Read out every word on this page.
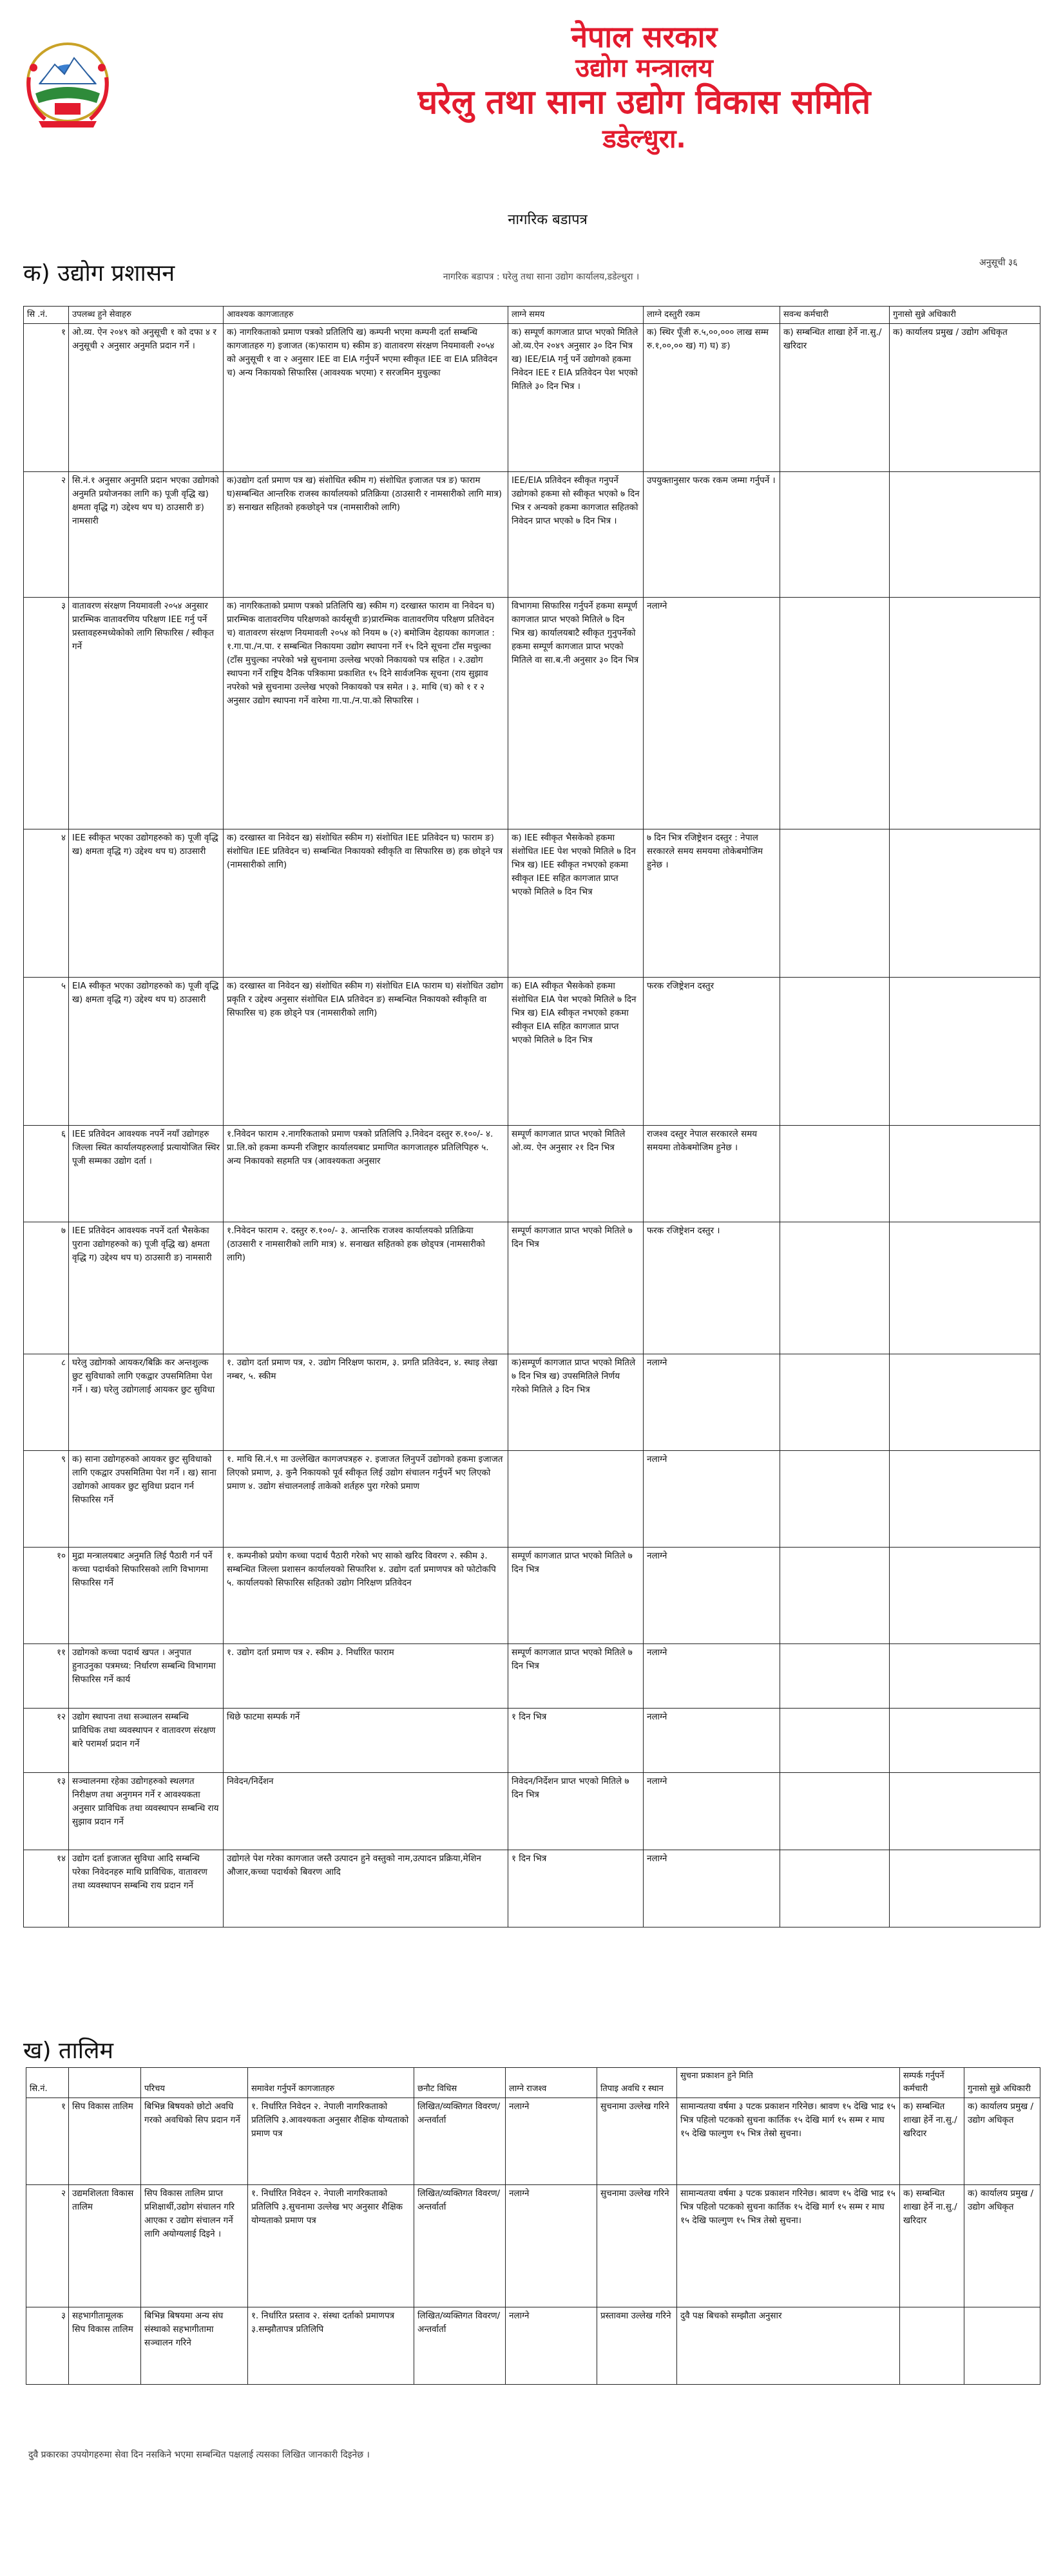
नेपाल सरकार
उद्योग मन्त्रालय
घरेलु तथा साना उद्योग विकास समिति
डडेल्धुरा.
नागरिक बडापत्र
अनुसूची ३६
क) उद्योग प्रशासन	नागरिक बडापत्र : घरेलु तथा साना उद्योग कार्यालय,डडेल्धुरा ।
सि .नं.	उपलब्ध हुने सेवाहरु	आवश्यक कागजातहरु	लाग्ने समय	लाग्ने दस्तुरी रकम	सवन्ध कर्मचारी	गुनासो सुन्ने अधिकारी
१	ओ.व्य. ऐन २०४९ को अनुसूची १ को दफा ४ र अनुसूची २ अनुसार अनुमति प्रदान गर्ने ।	क) नागरिकताको प्रमाण पत्रको प्रतिलिपि ख) कम्पनी भएमा कम्पनी दर्ता सम्बन्धि कागजातहरु ग) इजाजत (क)फाराम घ) स्कीम ङ) वातावरण संरक्षण नियमावली २०५४ को अनुसूची १ वा २ अनुसार IEE वा EIA गर्नुपर्ने भएमा स्वीकृत IEE वा EIA प्रतिवेदन च) अन्य निकायको सिफारिस (आवश्यक भएमा) र सरजमिन मुचुल्का	क) सम्पूर्ण कागजात प्राप्त भएको मितिले ओ.व्य.ऐन २०४९ अनुसार ३० दिन भित्र ख) IEE/EIA गर्नु पर्ने उद्योगको हकमा निवेदन IEE र EIA प्रतिवेदन पेश भएको मितिले ३० दिन भित्र ।	क) स्थिर पूँजी रु.५,००,००० लाख सम्म रु.१,००,०० ख) ग) घ) ङ)	क) सम्बन्धित शाखा हेर्ने ना.सु./खरिदार	क) कार्यालय प्रमुख / उद्योग अधिकृत
२	सि.नं.१ अनुसार अनुमति प्रदान भएका उद्योगको अनुमति प्रयोजनका लागि क) पूजी वृद्धि ख) क्षमता वृद्धि ग) उद्देश्य थप घ) ठाउसारी ङ) नामसारी	क)उद्योग दर्ता प्रमाण पत्र ख) संशोधित स्कीम ग) संशोधित इजाजत पत्र ङ) फाराम घ)सम्बन्धित आन्तरिक राजस्व कार्यालयको प्रतिक्रिया (ठाउसारी र नामसारीको लागि मात्र) ङ) सनाखत सहितको हकछोड्ने पत्र (नामसारीको लागि)	IEE/EIA प्रतिवेदन स्वीकृत गनुपर्ने उद्योगको हकमा सो स्वीकृत भएको ७ दिन भित्र र अन्यको हकमा कागजात सहितको निवेदन प्राप्त भएको ७ दिन भित्र ।	उपयुक्तानुसार फरक रकम जम्मा गर्नुपर्ने ।		
३	वातावरण संरक्षण नियमावली २०५४ अनुसार प्रारम्भिक वातावरणिय परिक्षण IEE गर्नु पर्ने प्रस्तावहरुमध्येकोको लागि सिफारिस / स्वीकृत गर्ने	क) नागरिकताको प्रमाण पत्रको प्रतिलिपि ख) स्कीम ग) दरखास्त फाराम वा निवेदन घ) प्रारम्भिक वातावरणिय परिक्षणको कार्यसूची ङ)प्रारम्भिक वातावरणिय परिक्षण प्रतिवेदन च) वातावरण संरक्षण नियमावली २०५४ को नियम ७ (२) बमोजिम देहायका कागजात : १.गा.पा./न.पा. र सम्बन्धित निकायमा उद्योग स्थापना गर्ने १५ दिने सूचना टाँस मचुल्का (टाँस मुचुल्का नपरेको भन्ने सुचनामा उल्लेख भएको निकायको पत्र सहित । २.उद्योग स्थापना गर्ने राष्ट्रिय दैनिक पत्रिकामा प्रकाशित १५ दिने सार्वजनिक सूचना (राय सुझाव नपरेको भन्ने सुचनामा उल्लेख भएको निकायको पत्र समेत । ३. माथि (च) को १ र २ अनुसार उद्योग स्थापना गर्ने वारेमा गा.पा./न.पा.को सिफारिस ।	विभागमा सिफारिस गर्नुपर्ने हकमा सम्पूर्ण कागजात प्राप्त भएको मितिले ७ दिन भित्र ख) कार्यालयबाटै स्वीकृत गुनुपर्नेको हकमा सम्पूर्ण कागजात प्राप्त भएको मितिले वा सा.ब.नी अनुसार ३० दिन भित्र	नलाग्ने		
४	IEE स्वीकृत भएका उद्योगहरुको क) पूजी वृद्धि ख) क्षमता वृद्धि ग) उद्देश्य थप घ) ठाउसारी	क) दरखास्त वा निवेदन ख) संशोधित स्कीम ग) संशोधित IEE प्रतिवेदन घ) फाराम ङ) संशोधित IEE प्रतिवेदन च) सम्बन्धित निकायको स्वीकृति वा सिफारिस छ) हक छोड्ने पत्र (नामसारीको लागि)	क) IEE स्वीकृत भैसकेको हकमा संशोधित IEE पेश भएको मितिले ७ दिन भित्र ख) IEE स्वीकृत नभएको हकमा स्वीकृत IEE सहित कागजात प्राप्त भएको मितिले ७ दिन भित्र	७ दिन भित्र रजिष्ट्रेशन दस्तुर : नेपाल सरकारले समय समयमा तोकेबमोजिम हुनेछ ।		
५	EIA स्वीकृत भएका उद्योगहरुको क) पूजी वृद्धि ख) क्षमता वृद्धि ग) उद्देश्य थप घ) ठाउसारी	क) दरखास्त वा निवेदन ख) संशोधित स्कीम ग) संशोधित EIA फाराम घ) संशोधित उद्योग प्रकृति र उद्देश्य अनुसार संशोधित EIA प्रतिवेदन ङ) सम्बन्धित निकायको स्वीकृति वा सिफारिस च) हक छोड्ने पत्र (नामसारीको लागि)	क) EIA स्वीकृत भैसकेको हकमा संशोधित EIA पेश भएको मितिले ७ दिन भित्र ख) EIA स्वीकृत नभएको हकमा स्वीकृत EIA सहित कागजात प्राप्त भएको मितिले ७ दिन भित्र	फरक रजिष्ट्रेशन दस्तुर		
६	IEE प्रतिवेदन आवश्यक नपर्ने नयाँ उद्योगहरु जिल्ला स्थित कार्यालयहरुलाई प्रत्यायोजित स्थिर पूजी सम्मका उद्योग दर्ता ।	१.निवेदन फाराम २.नागरिकताको प्रमाण पत्रको प्रतिलिपि ३.निवेदन दस्तुर रु.१००/- ४. प्रा.लि.को हकमा कम्पनी रजिष्ट्रार कार्यालयबाट प्रमाणित कागजातहरु प्रतिलिपिहरु ५. अन्य निकायको सहमति पत्र (आवश्यकता अनुसार	सम्पूर्ण कागजात प्राप्त भएको मितिले ओ.व्य. ऐन अनुसार २१ दिन भित्र	राजश्व दस्तुर नेपाल सरकारले समय समयमा तोकेबमोजिम हुनेछ ।		
७	IEE प्रतिवेदन आवश्यक नपर्ने दर्ता भैसकेका पुराना उद्योगहरुको क) पूजी वृद्धि ख) क्षमता वृद्धि ग) उद्देश्य थप घ) ठाउसारी ङ) नामसारी	१.निवेदन फाराम २. दस्तुर रु.१००/- ३. आन्तरिक राजश्व कार्यालयको प्रतिक्रिया (ठाउसारी र नामसारीको लागि मात्र) ४. सनाखत सहितको हक छोड्पत्र (नामसारीको लागि)	सम्पूर्ण कागजात प्राप्त भएको मितिले ७ दिन भित्र	फरक रजिष्ट्रेशन दस्तुर ।		
८	घरेलु उद्योगको आयकर/बिक्रि कर अन्तशुल्क छुट सुविधाको लागि एकद्वार उपसमितिमा पेश गर्ने । ख) घरेलु उद्योगलाई आयकर छुट सुविधा	१. उद्योग दर्ता प्रमाण पत्र, २. उद्योग निरिक्षण फाराम, ३. प्रगति प्रतिवेदन, ४. स्थाइ लेखा नम्बर, ५. स्कीम	क)सम्पूर्ण कागजात प्राप्त भएको मितिले ७ दिन भित्र ख) उपसमितिले निर्णय गरेको मितिले ३ दिन भित्र	नलाग्ने		
९	क) साना उद्योगहरुको आयकर छुट सुविधाको लागि एकद्वार उपसमितिमा पेश गर्ने । ख) साना उद्योगको आयकर छुट सुविधा प्रदान गर्न सिफारिस गर्ने	१. माथि सि.नं.९ मा उल्लेखित कागजपत्रहरु २. इजाजत लिनुपर्ने उद्योगको हकमा इजाजत लिएको प्रमाण, ३. कुनै निकायको पूर्व स्वीकृत लिई उद्योग संचालन गर्नुपर्ने भए लिएको प्रमाण ४. उद्योग संचालनलाई ताकेको शर्तहरु पुरा गरेको प्रमाण		नलाग्ने		
१०	मुद्रा मन्त्रालयबाट अनुमति लिई पैठारी गर्न पर्ने कच्चा पदार्थको सिफारिसको लागि विभागमा सिफारिस गर्ने	१. कम्पनीको प्रयोग कच्चा पदार्थ पैठारी गरेको भए साको खरिद विवरण २. स्कीम ३. सम्बन्धित जिल्ला प्रशासन कार्यालयको सिफारिश ४. उद्योग दर्ता प्रमाणपत्र को फोटोकपि ५. कार्यालयको सिफारिस सहितको उद्योग निरिक्षण प्रतिवेदन	सम्पूर्ण कागजात प्राप्त भएको मितिले ७ दिन भित्र	नलाग्ने		
११	उद्योगको कच्चा पदार्थ खपत । अनुपात हुनाउनुका पत्रमध्य: निर्धारण सम्बन्धि विभागमा सिफारिस गर्ने कार्य	१. उद्योग दर्ता प्रमाण पत्र २. स्कीम ३. निर्धारित फाराम	सम्पूर्ण कागजात प्राप्त भएको मितिले ७ दिन भित्र	नलाग्ने		
१२	उद्योग स्थापना तथा सञ्चालन सम्बन्धि प्राविधिक तथा व्यवस्थापन र वातावरण संरक्षण बारे परामर्श प्रदान गर्ने	थिछे फाटमा सम्पर्क गर्ने	१ दिन भित्र	नलाग्ने		
१३	सञ्चालनमा रहेका उद्योगहरुको स्थलगत निरीक्षण तथा अनुगमन गर्ने र आवश्यकता अनुसार प्राविधिक तथा व्यवस्थापन सम्बन्धि राय सुझाव प्रदान गर्ने	निवेदन/निर्देशन	निवेदन/निर्देशन प्राप्त भएको मितिले ७ दिन भित्र	नलाग्ने		
१४	उद्योग दर्ता इजाजत सुविधा आदि सम्बन्धि परेका निवेदनहरु माथि प्राविधिक, वातावरण तथा व्यवस्थापन सम्बन्धि राय प्रदान गर्ने	उद्योगले पेश गरेका कागजात जस्तै उत्पादन हुने वस्तुको नाम,उत्पादन प्रक्रिया,मेशिन औजार,कच्चा पदार्थको बिवरण आदि	१ दिन भित्र	नलाग्ने		
ख) तालिम
सि.नं.		परिचय	समावेश गर्नुपर्ने कागजातहरु	छनौट विधिस	लाग्ने राजश्व	तिपाइ अवधि र स्थान	सुचना प्रकाशन हुने मिति	सम्पर्क गर्नुपर्ने कर्मचारी	गुनासो सुन्ने अधिकारी
१	सिप विकास तालिम	बिभिन्न बिषयको छोटो अवधि गरको अवधिको सिप प्रदान गर्ने	१. निर्धारित निवेदन २. नेपाली नागरिकताको प्रतिलिपि ३.आवश्यकता अनुसार शैक्षिक योग्यताको प्रमाण पत्र	लिखित/व्यक्तिगत विवरण/अन्तर्वार्ता	नलाग्ने	सुचनामा उल्लेख गरिने	सामान्यतया वर्षमा ३ पटक प्रकाशन गरिनेछ। श्रावण १५ देखि भाद्र १५ भित्र पहिलो पटकको सुचना कार्तिक १५ देखि मार्ग १५ सम्म र माघ १५ देखि फाल्गुण १५ भित्र तेस्रो सुचना।	क) सम्बन्धित शाखा हेर्ने ना.सु./खरिदार	क) कार्यालय प्रमुख / उद्योग अधिकृत
२	उद्यमशिलता विकास तालिम	सिप विकास तालिम प्राप्त प्रशिक्षार्थी,उद्योग संचालन गरि आएका र उद्योग संचालन गर्ने लागि अयोग्यलाई दिइने ।	१. निर्धारित निवेदन २. नेपाली नागरिकताको प्रतिलिपि ३.सुचनामा उल्लेख भए अनुसार शैक्षिक योग्यताको प्रमाण पत्र	लिखित/व्यक्तिगत विवरण/अन्तर्वार्ता	नलाग्ने	सुचनामा उल्लेख गरिने	सामान्यतया वर्षमा ३ पटक प्रकाशन गरिनेछ। श्रावण १५ देखि भाद्र १५ भित्र पहिलो पटकको सुचना कार्तिक १५ देखि मार्ग १५ सम्म र माघ १५ देखि फाल्गुण १५ भित्र तेस्रो सुचना।	क) सम्बन्धित शाखा हेर्ने ना.सु./खरिदार	क) कार्यालय प्रमुख / उद्योग अधिकृत
३	सहभागीतामूलक सिप विकास तालिम	बिभिन्न बिषयमा अन्य संघ संस्थाको सहभागीतामा सञ्चालन गरिने	१. निर्धारित प्रस्ताव २. संस्था दर्ताको प्रमाणपत्र ३.सम्झौतापत्र प्रतिलिपि	लिखित/व्यक्तिगत विवरण/अन्तर्वार्ता	नलाग्ने	प्रस्तावमा उल्लेख गरिने	दुवै पक्ष बिचको सम्झौता अनुसार		
दुवै प्रकारका उपयोगहरुमा सेवा दिन नसकिने भएमा सम्बन्धित पक्षलाई त्यसका लिखित जानकारी दिइनेछ ।
